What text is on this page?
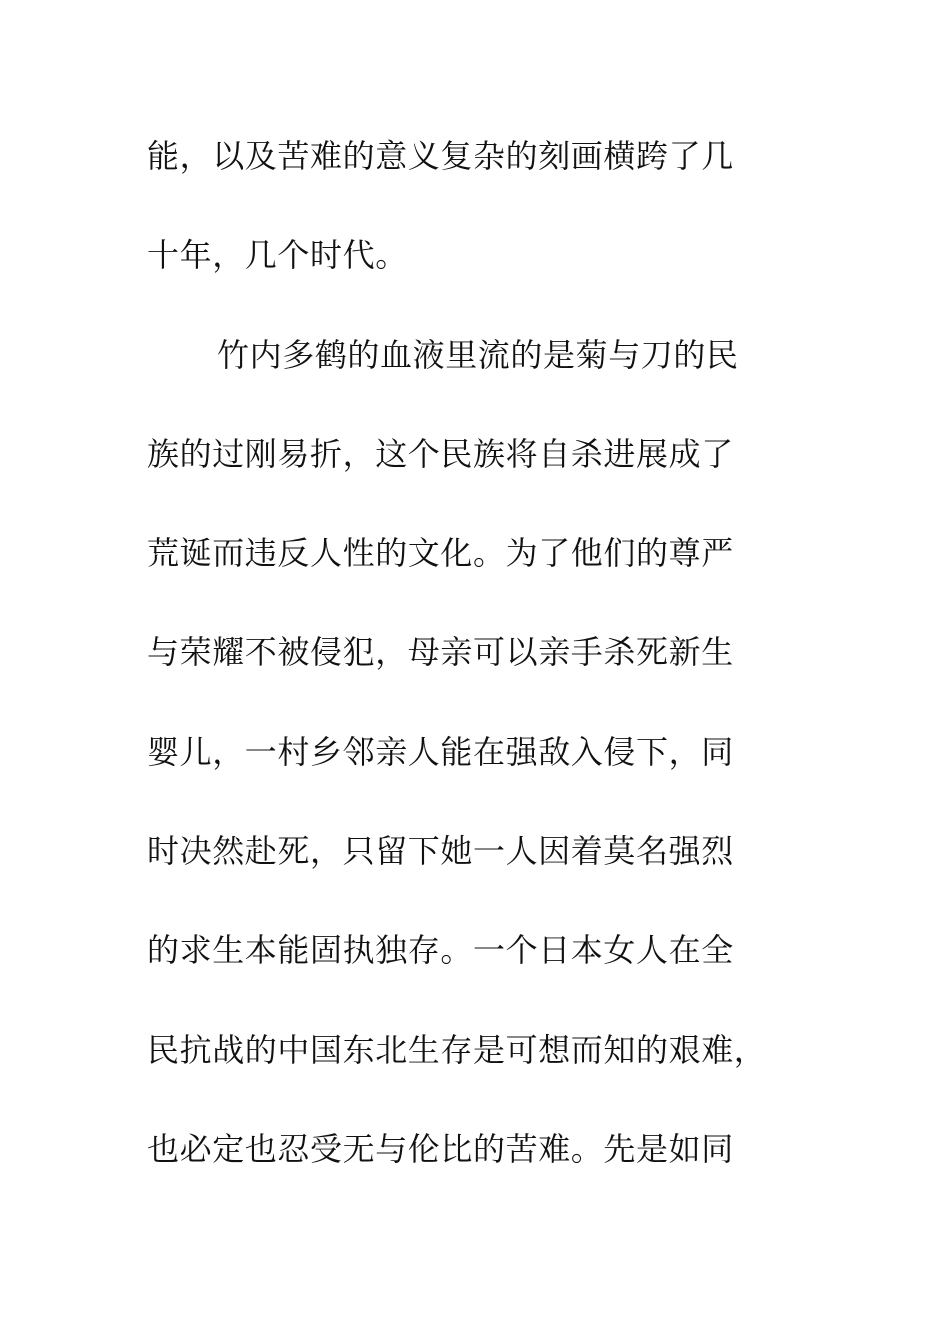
能，以及苦难的意义复杂的刻画横跨了几
十年，几个时代。
竹内多鹤的血液里流的是菊与刀的民
族的过刚易折，这个民族将自杀进展成了
荒诞而违反人性的文化。为了他们的尊严
与荣耀不被侵犯，母亲可以亲手杀死新生
婴儿，一村乡邻亲人能在强敌入侵下，同
时决然赴死，只留下她一人因着莫名强烈
的求生本能固执独存。一个日本女人在全
民抗战的中国东北生存是可想而知的艰难，
也必定也忍受无与伦比的苦难。先是如同
